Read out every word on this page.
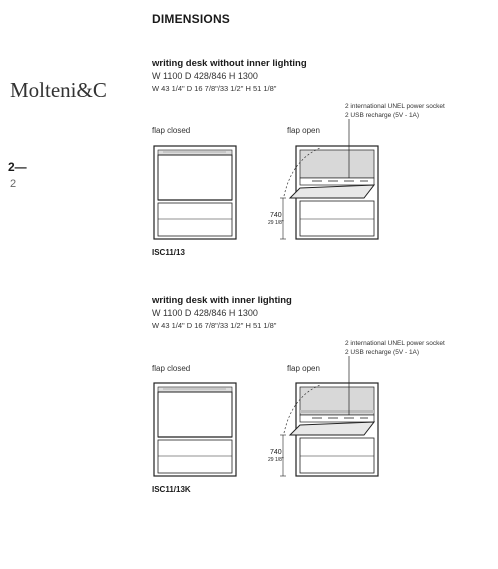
Molteni&C
2—
2
DIMENSIONS
writing desk without inner lighting
W 1100 D 428/846 H 1300
W 43 1/4" D 16 7/8"/33 1/2" H 51 1/8"
2 international UNEL power socket
2 USB recharge (5V - 1A)
flap closed	flap open
740
29 1/8"
ISC11/13
writing desk with inner lighting
W 1100 D 428/846 H 1300
W 43 1/4" D 16 7/8"/33 1/2" H 51 1/8"
2 international UNEL power socket
2 USB recharge (5V - 1A)
flap closed	flap open
740
29 1/8"
ISC11/13K
